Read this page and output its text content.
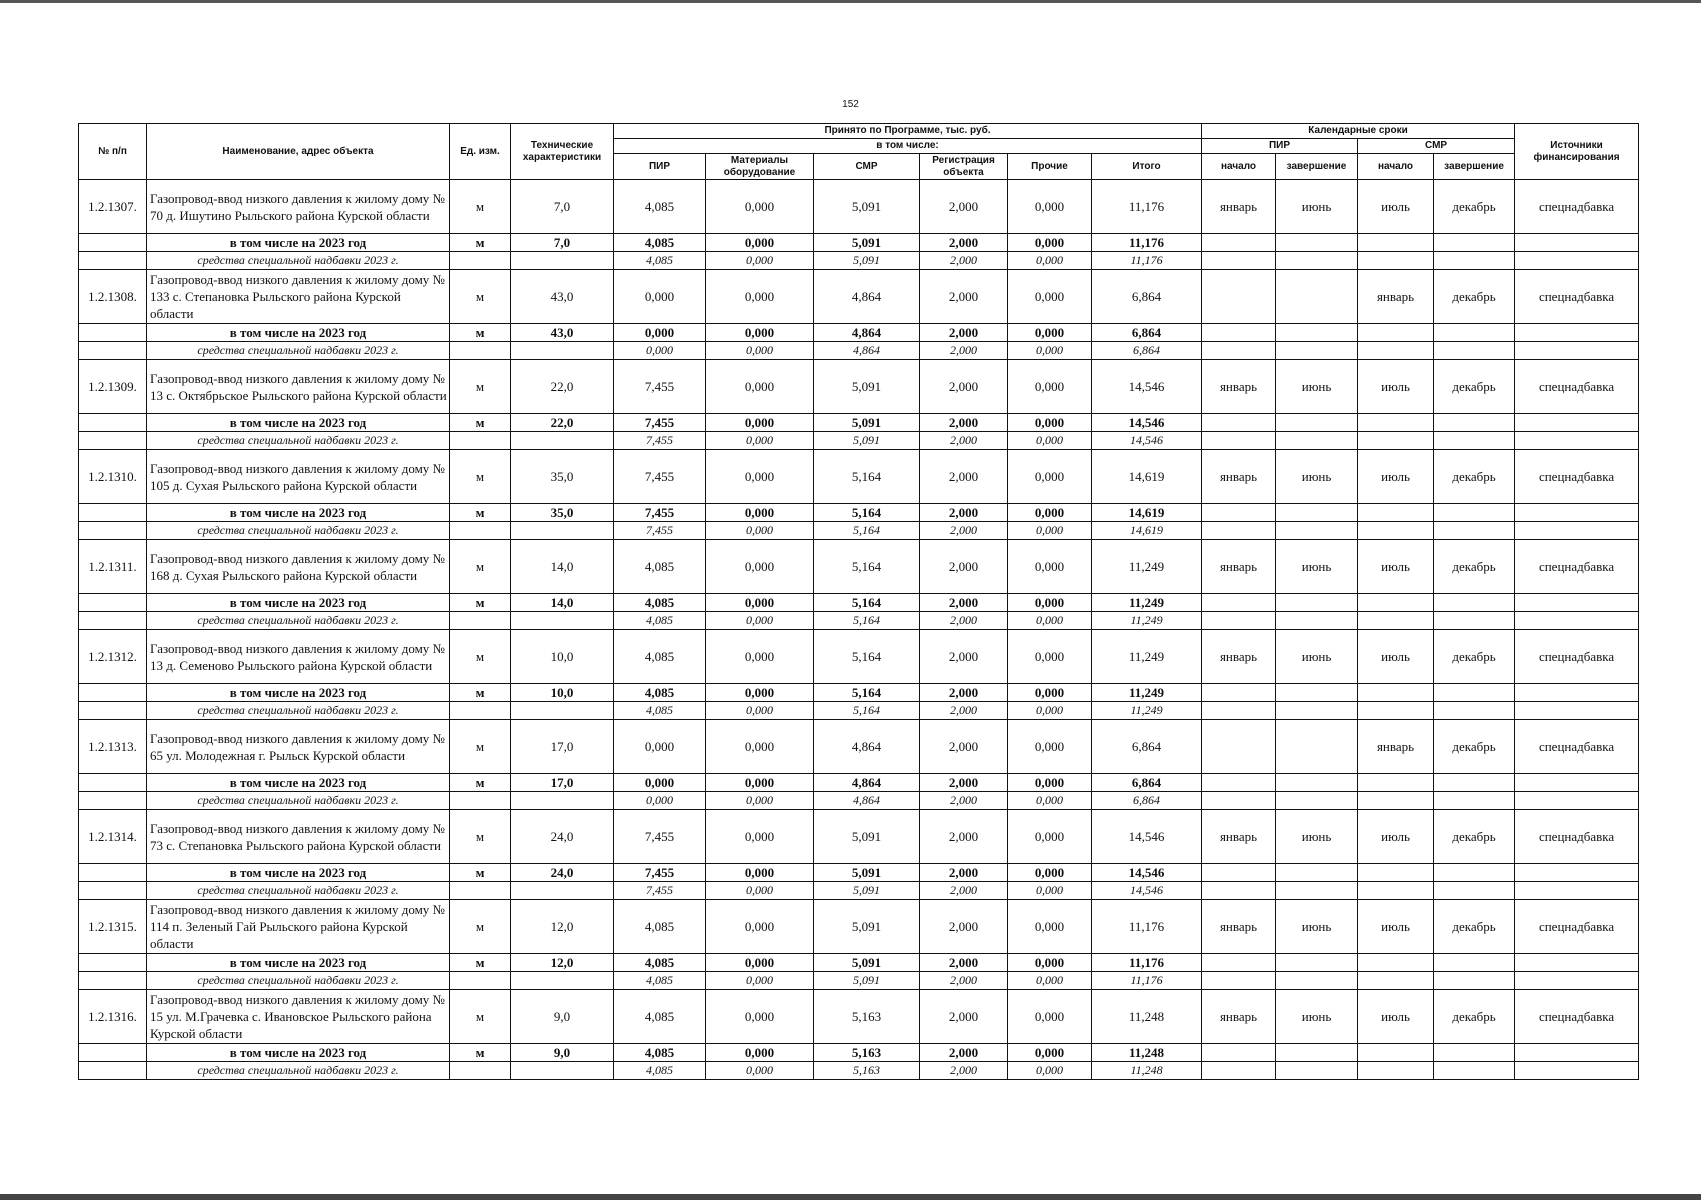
152
№ п/п	Наименование, адрес объекта	Ед. изм.	Технические характеристики	Принято по Программе, тыс. руб.						Календарные сроки				Источники финансирования
				в том числе:						ПИР		СМР		
				ПИР	Материалы оборудование	СМР	Регистрация объекта	Прочие	Итого	начало	завершение	начало	завершение	
1.2.1307.	Газопровод-ввод низкого давления к жилому дому № 70 д. Ишутино Рыльского района Курской области	м	7,0	4,085	0,000	5,091	2,000	0,000	11,176	январь	июнь	июль	декабрь	спецнадбавка
	в том числе на 2023 год	м	7,0	4,085	0,000	5,091	2,000	0,000	11,176					
	средства специальной надбавки 2023 г.			4,085	0,000	5,091	2,000	0,000	11,176					
1.2.1308.	Газопровод-ввод низкого давления к жилому дому № 133 с. Степановка Рыльского района Курской области	м	43,0	0,000	0,000	4,864	2,000	0,000	6,864			январь	декабрь	спецнадбавка
	в том числе на 2023 год	м	43,0	0,000	0,000	4,864	2,000	0,000	6,864					
	средства специальной надбавки 2023 г.			0,000	0,000	4,864	2,000	0,000	6,864					
1.2.1309.	Газопровод-ввод низкого давления к жилому дому № 13 с. Октябрьское Рыльского района Курской области	м	22,0	7,455	0,000	5,091	2,000	0,000	14,546	январь	июнь	июль	декабрь	спецнадбавка
	в том числе на 2023 год	м	22,0	7,455	0,000	5,091	2,000	0,000	14,546					
	средства специальной надбавки 2023 г.			7,455	0,000	5,091	2,000	0,000	14,546					
1.2.1310.	Газопровод-ввод низкого давления к жилому дому № 105 д. Сухая Рыльского района Курской области	м	35,0	7,455	0,000	5,164	2,000	0,000	14,619	январь	июнь	июль	декабрь	спецнадбавка
	в том числе на 2023 год	м	35,0	7,455	0,000	5,164	2,000	0,000	14,619					
	средства специальной надбавки 2023 г.			7,455	0,000	5,164	2,000	0,000	14,619					
1.2.1311.	Газопровод-ввод низкого давления к жилому дому № 168 д. Сухая Рыльского района Курской области	м	14,0	4,085	0,000	5,164	2,000	0,000	11,249	январь	июнь	июль	декабрь	спецнадбавка
	в том числе на 2023 год	м	14,0	4,085	0,000	5,164	2,000	0,000	11,249					
	средства специальной надбавки 2023 г.			4,085	0,000	5,164	2,000	0,000	11,249					
1.2.1312.	Газопровод-ввод низкого давления к жилому дому № 13 д. Семеново Рыльского района Курской области	м	10,0	4,085	0,000	5,164	2,000	0,000	11,249	январь	июнь	июль	декабрь	спецнадбавка
	в том числе на 2023 год	м	10,0	4,085	0,000	5,164	2,000	0,000	11,249					
	средства специальной надбавки 2023 г.			4,085	0,000	5,164	2,000	0,000	11,249					
1.2.1313.	Газопровод-ввод низкого давления к жилому дому № 65 ул. Молодежная г. Рыльск Курской области	м	17,0	0,000	0,000	4,864	2,000	0,000	6,864			январь	декабрь	спецнадбавка
	в том числе на 2023 год	м	17,0	0,000	0,000	4,864	2,000	0,000	6,864					
	средства специальной надбавки 2023 г.			0,000	0,000	4,864	2,000	0,000	6,864					
1.2.1314.	Газопровод-ввод низкого давления к жилому дому № 73 с. Степановка Рыльского района Курской области	м	24,0	7,455	0,000	5,091	2,000	0,000	14,546	январь	июнь	июль	декабрь	спецнадбавка
	в том числе на 2023 год	м	24,0	7,455	0,000	5,091	2,000	0,000	14,546					
	средства специальной надбавки 2023 г.			7,455	0,000	5,091	2,000	0,000	14,546					
1.2.1315.	Газопровод-ввод низкого давления к жилому дому № 114 п. Зеленый Гай Рыльского района Курской области	м	12,0	4,085	0,000	5,091	2,000	0,000	11,176	январь	июнь	июль	декабрь	спецнадбавка
	в том числе на 2023 год	м	12,0	4,085	0,000	5,091	2,000	0,000	11,176					
	средства специальной надбавки 2023 г.			4,085	0,000	5,091	2,000	0,000	11,176					
1.2.1316.	Газопровод-ввод низкого давления к жилому дому № 15 ул. М.Грачевка с. Ивановское Рыльского района Курской области	м	9,0	4,085	0,000	5,163	2,000	0,000	11,248	январь	июнь	июль	декабрь	спецнадбавка
	в том числе на 2023 год	м	9,0	4,085	0,000	5,163	2,000	0,000	11,248					
	средства специальной надбавки 2023 г.			4,085	0,000	5,163	2,000	0,000	11,248					
